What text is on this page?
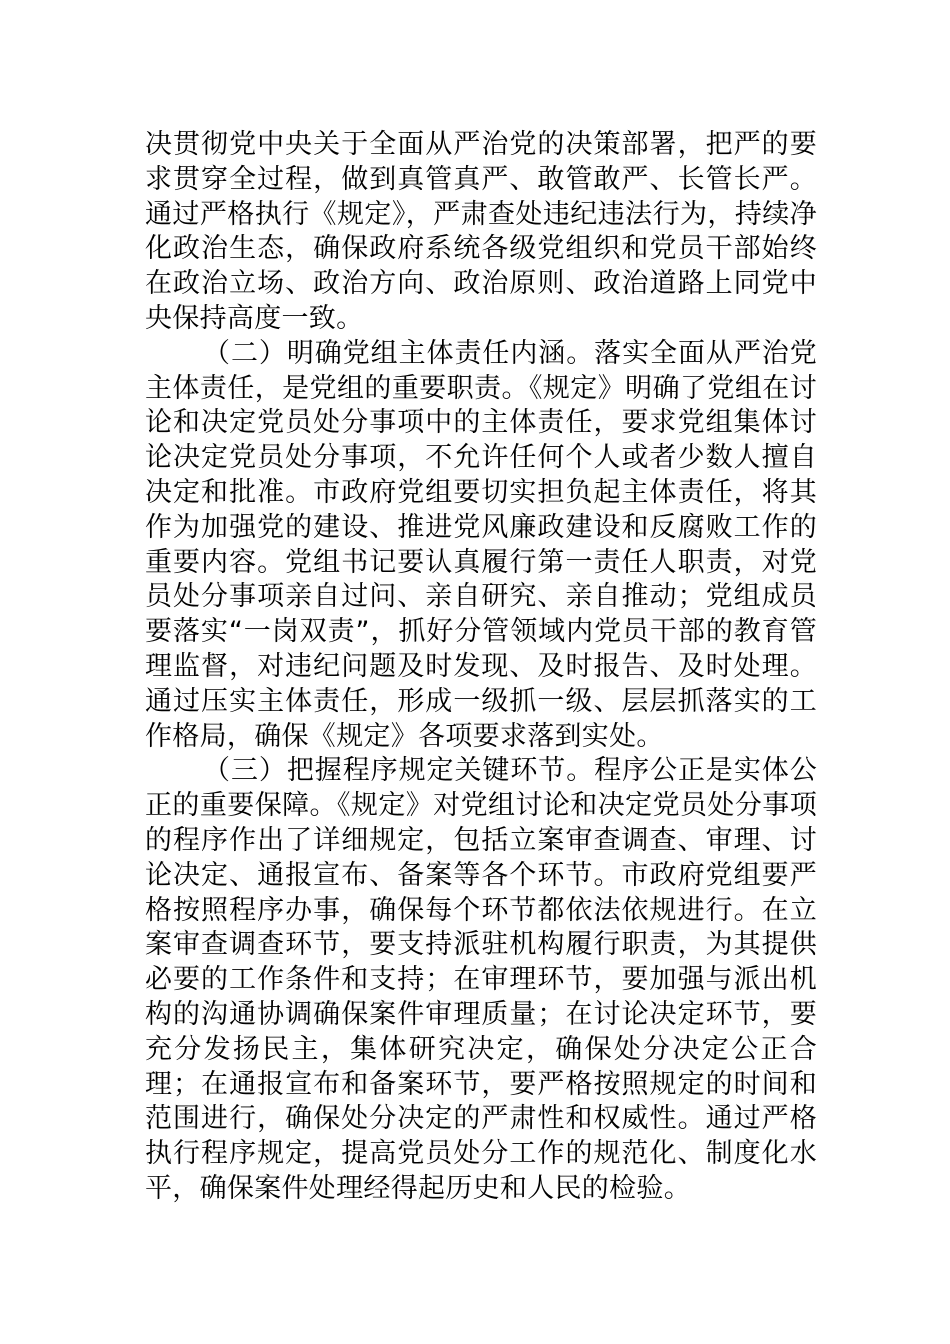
决贯彻党中央关于全面从严治党的决策部署，把严的要求贯穿全过程，做到真管真严、敢管敢严、长管长严。通过严格执行《规定》，严肃查处违纪违法行为，持续净化政治生态，确保政府系统各级党组织和党员干部始终在政治立场、政治方向、政治原则、政治道路上同党中央保持高度一致。

（二）明确党组主体责任内涵。落实全面从严治党主体责任，是党组的重要职责。《规定》明确了党组在讨论和决定党员处分事项中的主体责任，要求党组集体讨论决定党员处分事项，不允许任何个人或者少数人擅自决定和批准。市政府党组要切实担负起主体责任，将其作为加强党的建设、推进党风廉政建设和反腐败工作的重要内容。党组书记要认真履行第一责任人职责，对党员处分事项亲自过问、亲自研究、亲自推动；党组成员要落实“一岗双责”，抓好分管领域内党员干部的教育管理监督，对违纪问题及时发现、及时报告、及时处理。通过压实主体责任，形成一级抓一级、层层抓落实的工作格局，确保《规定》各项要求落到实处。

（三）把握程序规定关键环节。程序公正是实体公正的重要保障。《规定》对党组讨论和决定党员处分事项的程序作出了详细规定，包括立案审查调查、审理、讨论决定、通报宣布、备案等各个环节。市政府党组要严格按照程序办事，确保每个环节都依法依规进行。在立案审查调查环节，要支持派驻机构履行职责，为其提供必要的工作条件和支持；在审理环节，要加强与派出机构的沟通协调确保案件审理质量；在讨论决定环节，要充分发扬民主，集体研究决定，确保处分决定公正合理；在通报宣布和备案环节，要严格按照规定的时间和范围进行，确保处分决定的严肃性和权威性。通过严格执行程序规定，提高党员处分工作的规范化、制度化水平，确保案件处理经得起历史和人民的检验。
